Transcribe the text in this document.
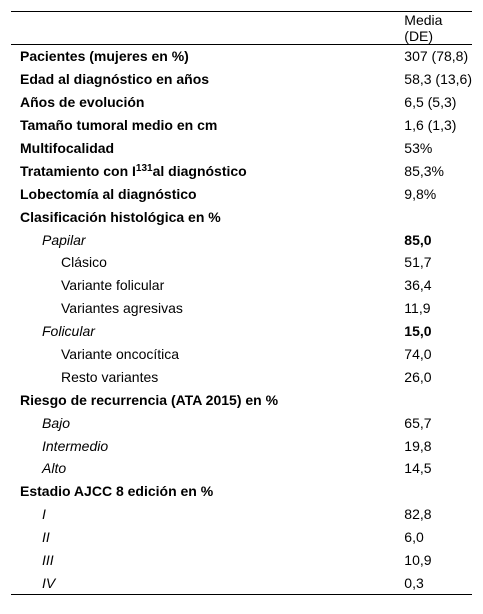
	Media (DE)
Pacientes (mujeres en %)	307 (78,8)
Edad al diagnóstico en años	58,3 (13,6)
Años de evolución	6,5 (5,3)
Tamaño tumoral medio en cm	1,6 (1,3)
Multifocalidad	53%
Tratamiento con $I^{131}al$ diagnóstico	85,3%
Lobectomía al diagnóstico	9,8%
Clasificación histológica en %	
Papilar	85,0
Clásico	51,7
Variante folicular	36,4
Variantes agresivas	11,9
Folicular	15,0
Variante oncocítica	74,0
Resto variantes	26,0
Riesgo de recurrencia (ATA 2015) en %	
Bajo	65,7
Intermedio	19,8
Alto	14,5
Estadio AJCC 8 edición en %	
I	82,8
II	6,0
III	10,9
IV	0,3
